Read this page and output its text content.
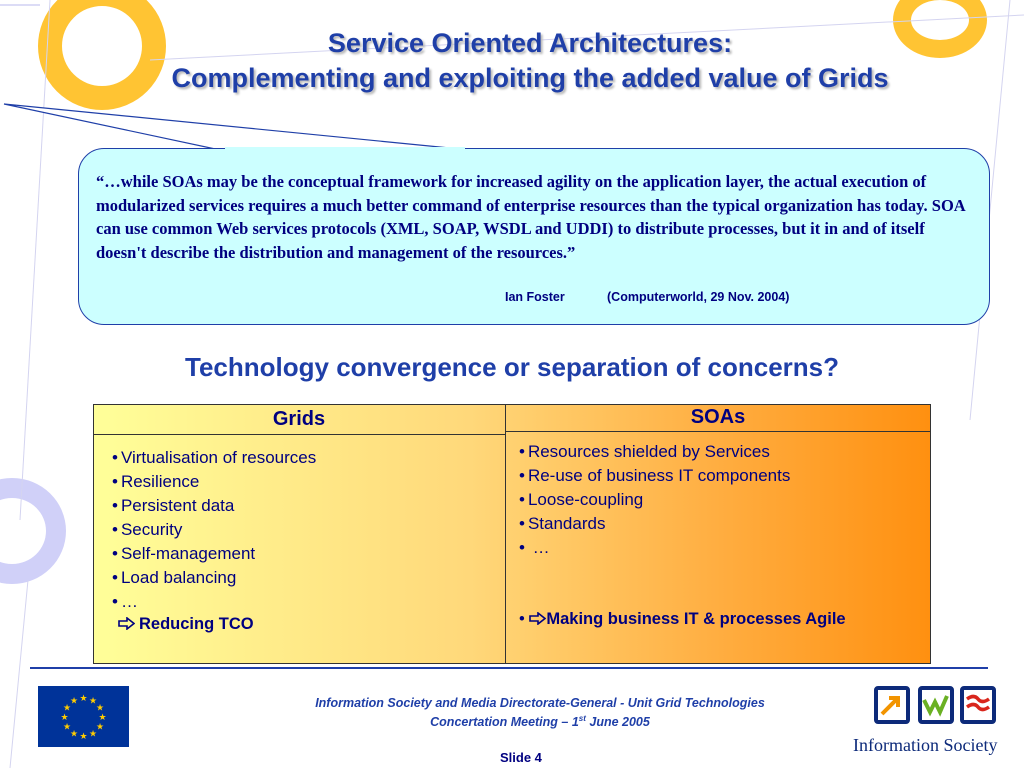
Service Oriented Architectures:
Complementing and exploiting the added value of Grids
“…while SOAs may be the conceptual framework for increased agility on the application layer, the actual execution of modularized services requires a much better command of enterprise resources than the typical organization has today. SOA can use common Web services protocols (XML, SOAP, WSDL and UDDI) to distribute processes, but it in and of itself doesn't describe the distribution and management of the resources.”
Ian Foster	(Computerworld, 29 Nov. 2004)
Technology convergence or separation of concerns?
Grids	SOAs
• Virtualisation of resources
• Resilience
• Persistent data
• Security
• Self-management
• Load balancing
• …
Reducing TCO
• Resources shielded by Services
• Re-use of business IT components
• Loose-coupling
• Standards
• …
• Making business IT & processes Agile
★ ★
★
★
★
★
★
★
★
★
★
★	Information Society and Media Directorate-General - Unit Grid Technologies
Concertation Meeting – 1st June 2005
Slide 4
Information Society
